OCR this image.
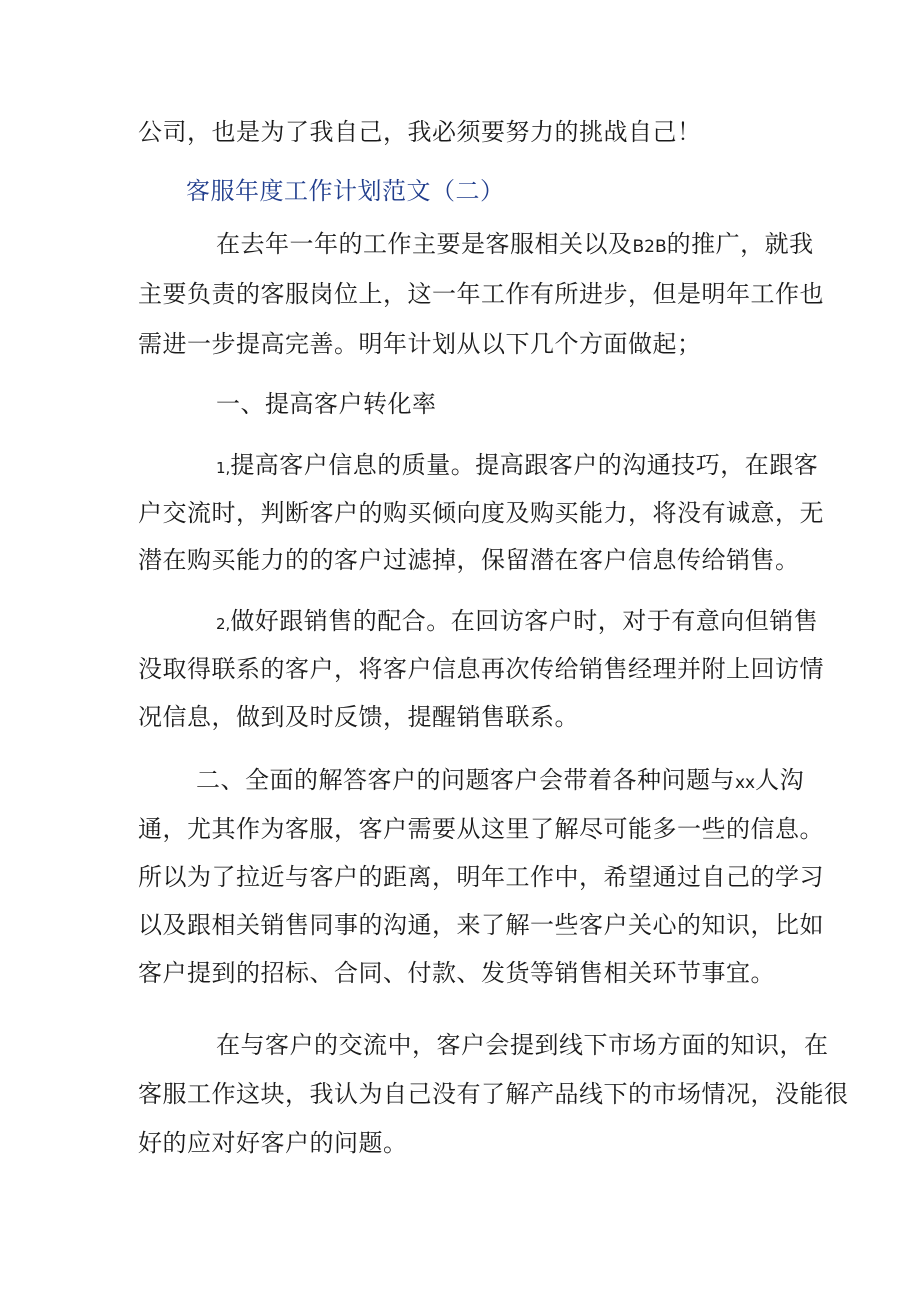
公司，也是为了我自己，我必须要努力的挑战自己！
客服年度工作计划范文（二）
在去年一年的工作主要是客服相关以及B2B的推广，就我
主要负责的客服岗位上，这一年工作有所进步，但是明年工作也
需进一步提高完善。明年计划从以下几个方面做起；
一、提高客户转化率
1,提高客户信息的质量。提高跟客户的沟通技巧，在跟客
户交流时，判断客户的购买倾向度及购买能力，将没有诚意，无
潜在购买能力的的客户过滤掉，保留潜在客户信息传给销售。
2,做好跟销售的配合。在回访客户时，对于有意向但销售
没取得联系的客户，将客户信息再次传给销售经理并附上回访情
况信息，做到及时反馈，提醒销售联系。
二、全面的解答客户的问题客户会带着各种问题与xx人沟
通，尤其作为客服，客户需要从这里了解尽可能多一些的信息。
所以为了拉近与客户的距离，明年工作中，希望通过自己的学习
以及跟相关销售同事的沟通，来了解一些客户关心的知识，比如
客户提到的招标、合同、付款、发货等销售相关环节事宜。
在与客户的交流中，客户会提到线下市场方面的知识，在
客服工作这块，我认为自己没有了解产品线下的市场情况，没能很
好的应对好客户的问题。
